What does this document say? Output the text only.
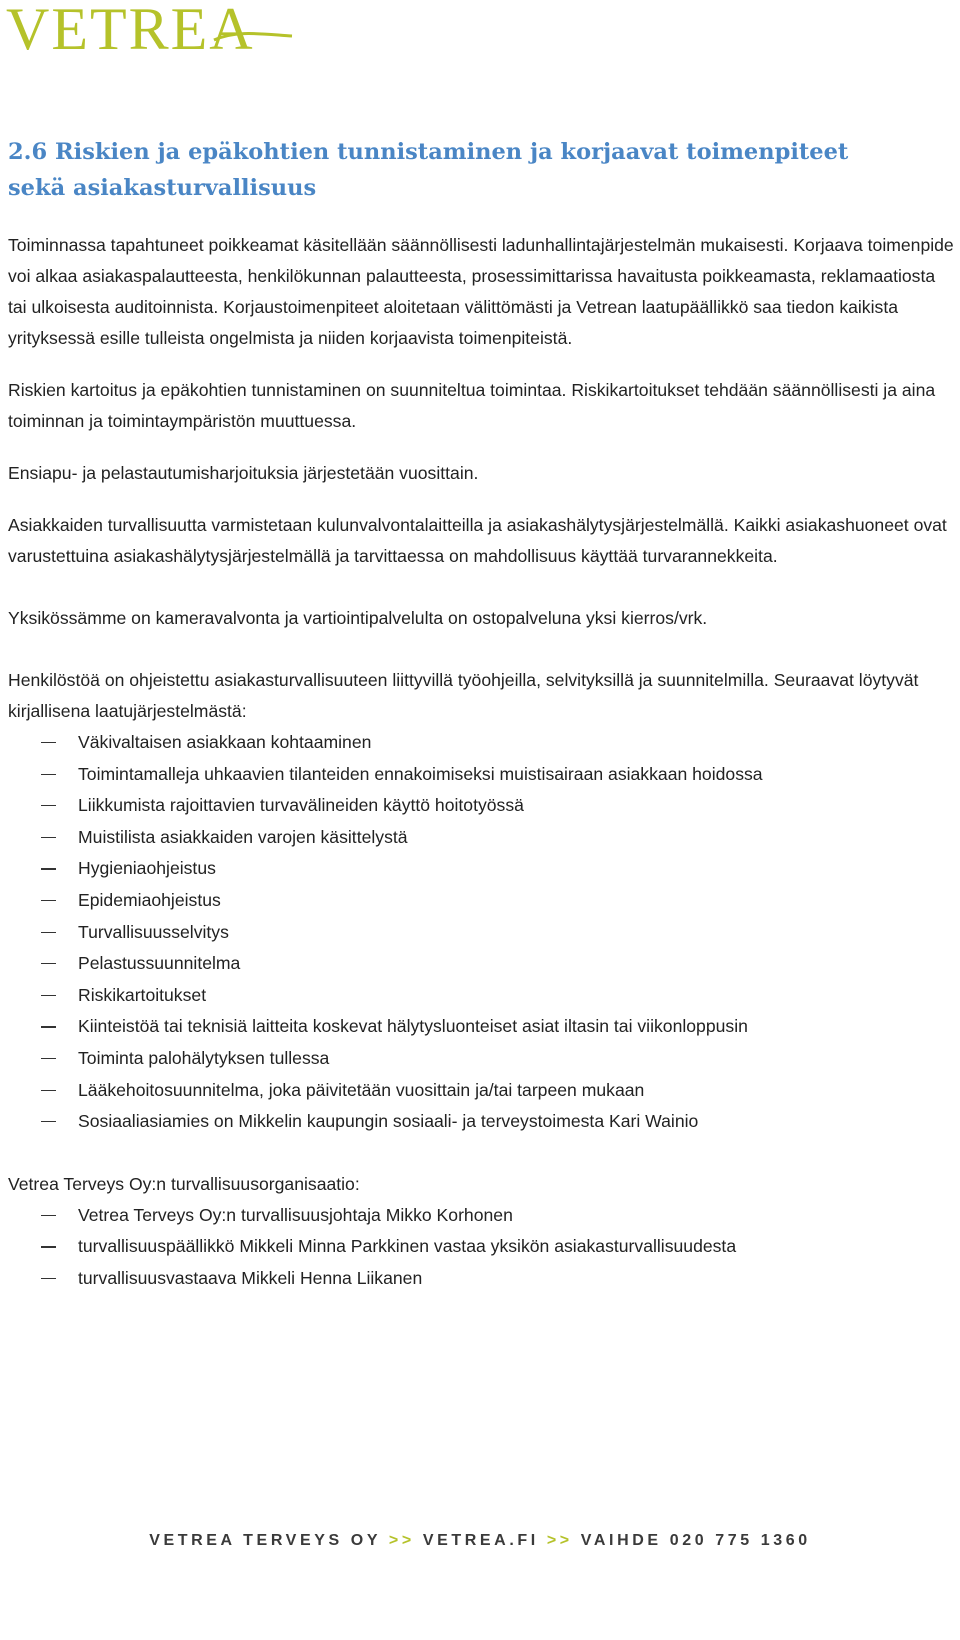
VETREA
2.6 Riskien ja epäkohtien tunnistaminen ja korjaavat toimenpiteet sekä asiakasturvallisuus

Toiminnassa tapahtuneet poikkeamat käsitellään säännöllisesti ladunhallintajärjestelmän mukaisesti. Korjaava toimenpide voi alkaa asiakaspalautteesta, henkilökunnan palautteesta, prosessimittarissa havaitusta poikkeamasta, reklamaatiosta tai ulkoisesta auditoinnista. Korjaustoimenpiteet aloitetaan välittömästi ja Vetrean laatupäällikkö saa tiedon kaikista yrityksessä esille tulleista ongelmista ja niiden korjaavista toimenpiteistä.

Riskien kartoitus ja epäkohtien tunnistaminen on suunniteltua toimintaa. Riskikartoitukset tehdään säännöllisesti ja aina toiminnan ja toimintaympäristön muuttuessa.

Ensiapu- ja pelastautumisharjoituksia järjestetään vuosittain.

Asiakkaiden turvallisuutta varmistetaan kulunvalvontalaitteilla ja asiakashälytysjärjestelmällä. Kaikki asiakashuoneet ovat varustettuina asiakashälytysjärjestelmällä ja tarvittaessa on mahdollisuus käyttää turvarannekkeita.

Yksikössämme on kameravalvonta ja vartiointipalvelulta on ostopalveluna yksi kierros/vrk.

Henkilöstöä on ohjeistettu asiakasturvallisuuteen liittyvillä työohjeilla, selvityksillä ja suunnitelmilla. Seuraavat löytyvät kirjallisena laatujärjestelmästä:

Väkivaltaisen asiakkaan kohtaaminen
Toimintamalleja uhkaavien tilanteiden ennakoimiseksi muistisairaan asiakkaan hoidossa
Liikkumista rajoittavien turvavälineiden käyttö hoitotyössä
Muistilista asiakkaiden varojen käsittelystä
Hygieniaohjeistus
Epidemiaohjeistus
Turvallisuusselvitys
Pelastussuunnitelma
Riskikartoitukset
Kiinteistöä tai teknisiä laitteita koskevat hälytysluonteiset asiat iltasin tai viikonloppusin
Toiminta palohälytyksen tullessa
Lääkehoitosuunnitelma, joka päivitetään vuosittain ja/tai tarpeen mukaan
Sosiaaliasiamies on Mikkelin kaupungin sosiaali- ja terveystoimesta Kari Wainio

Vetrea Terveys Oy:n turvallisuusorganisaatio:

Vetrea Terveys Oy:n turvallisuusjohtaja Mikko Korhonen
turvallisuuspäällikkö Mikkeli Minna Parkkinen vastaa yksikön asiakasturvallisuudesta
turvallisuusvastaava Mikkeli Henna Liikanen
VETREA TERVEYS OY >> VETREA.FI >> VAIHDE 020 775 1360
